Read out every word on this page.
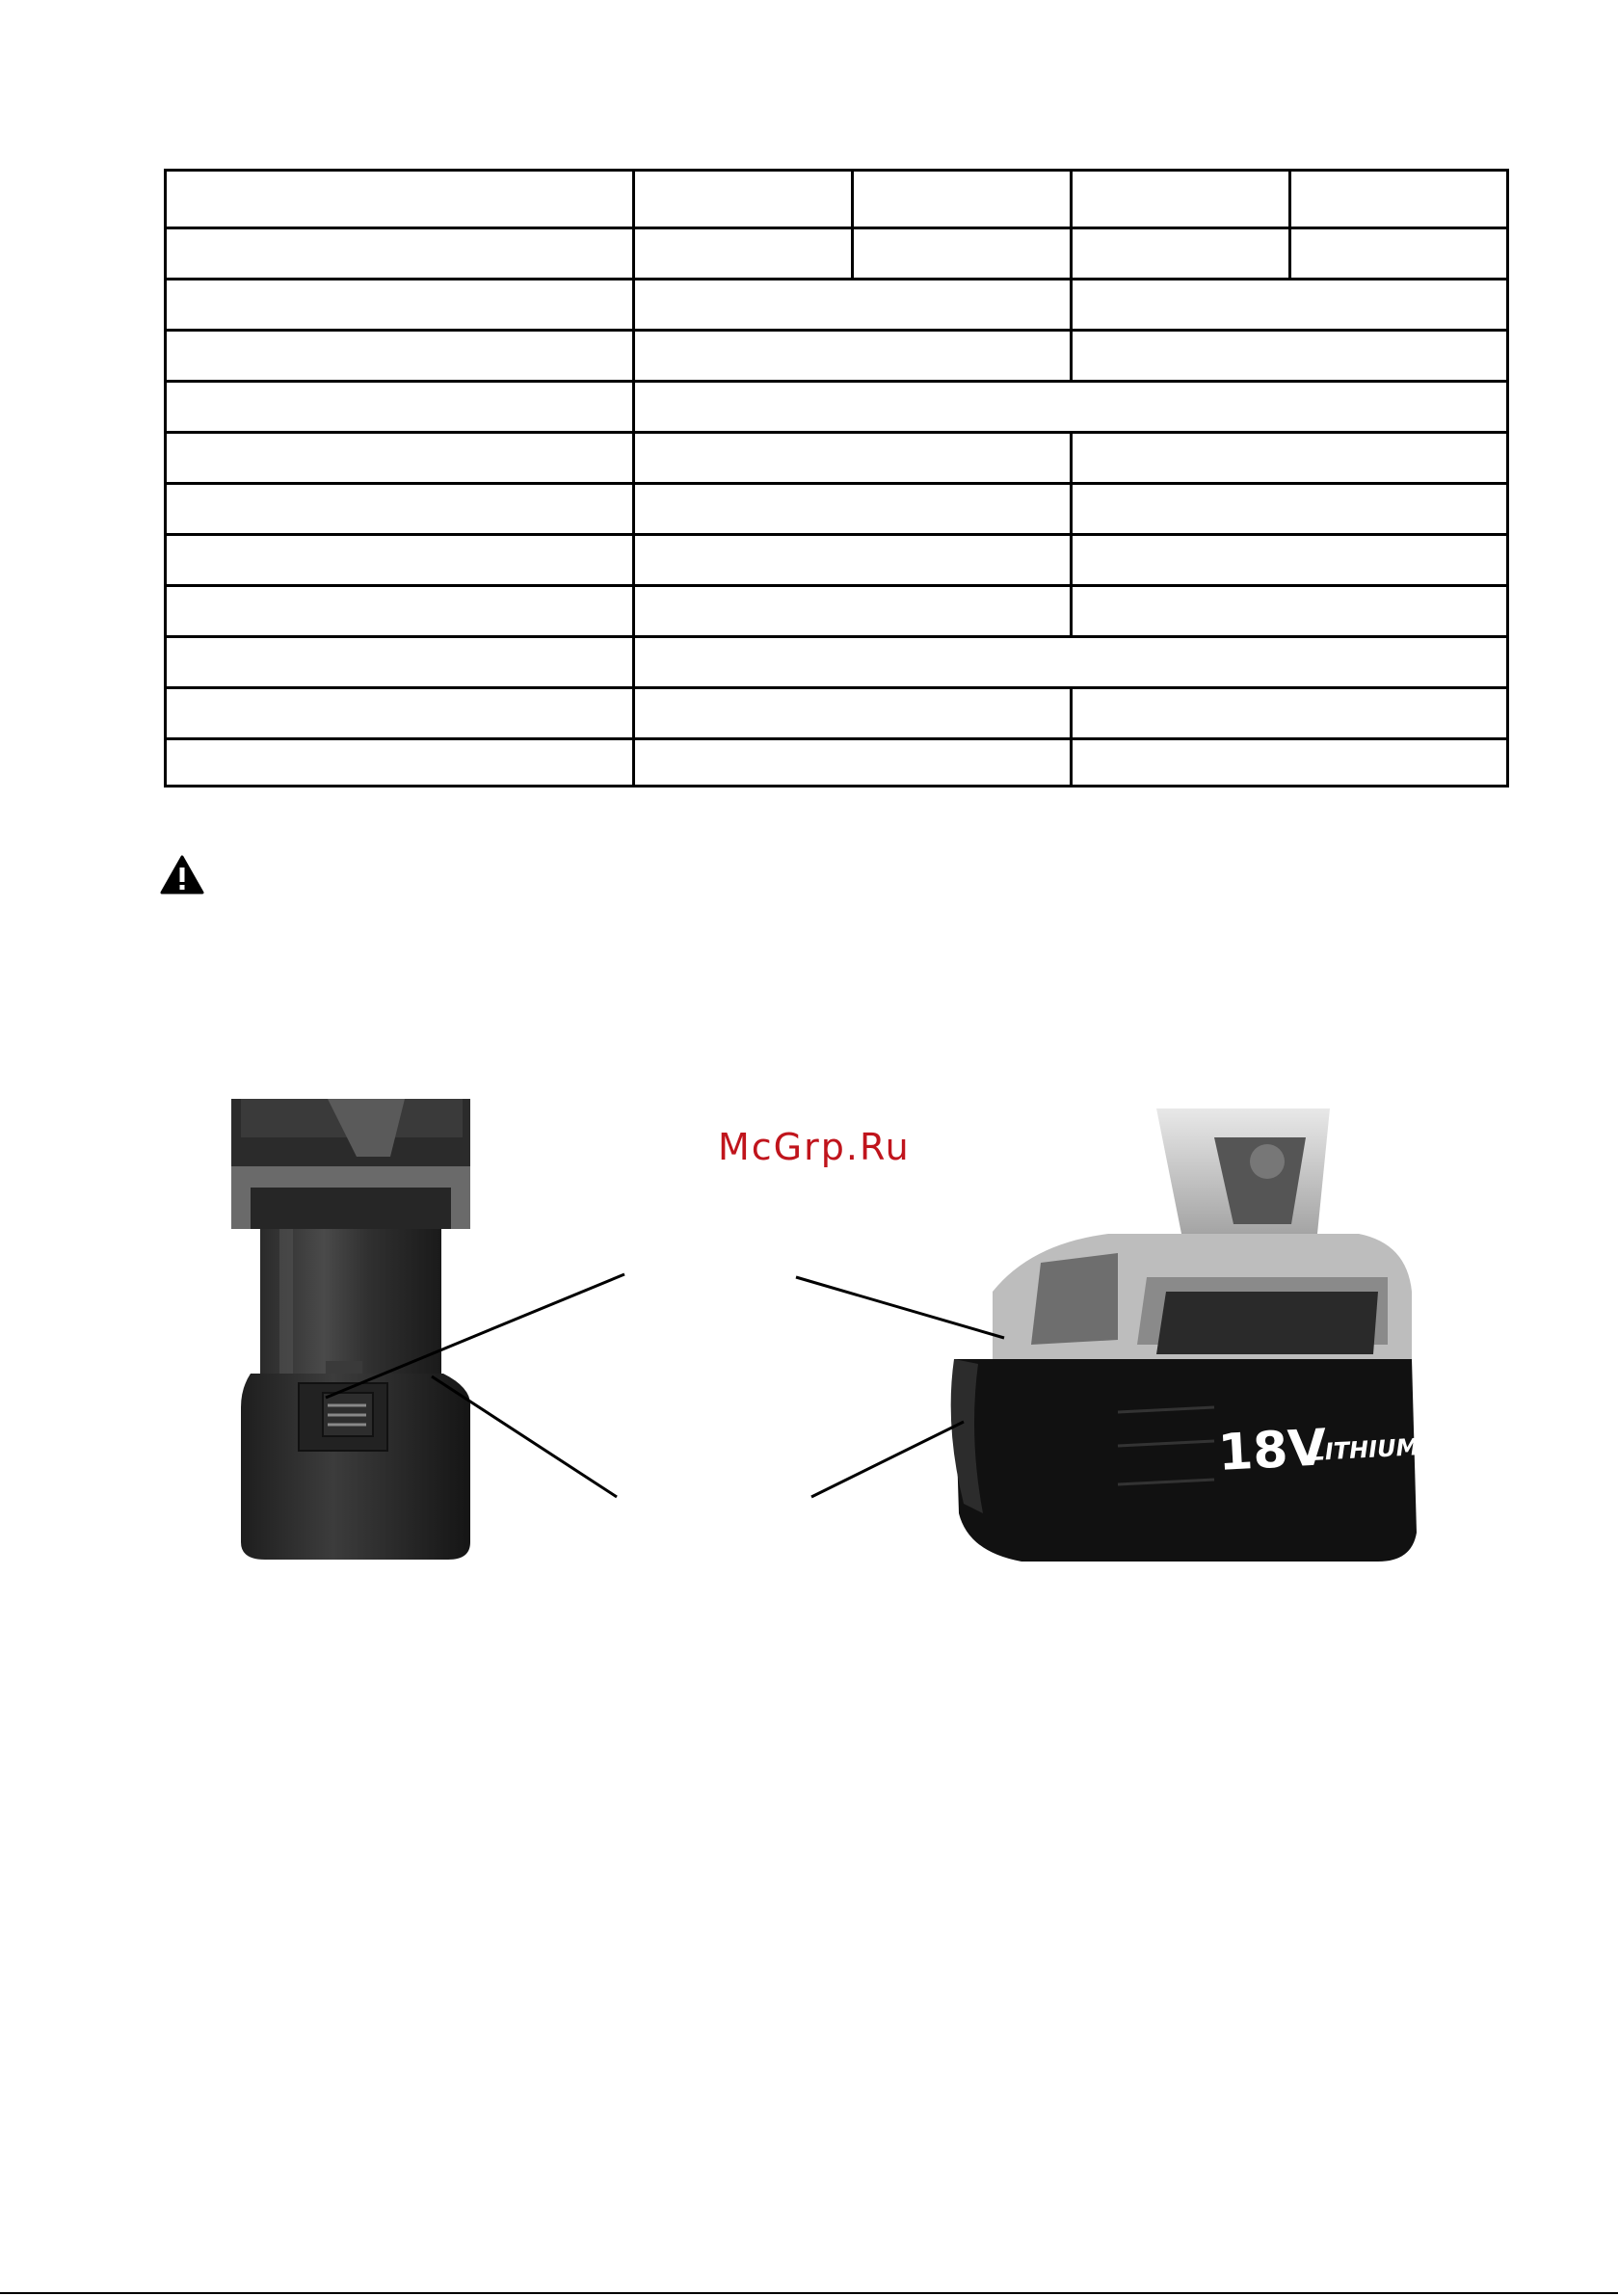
McGrp.Ru
18V
LITHIUM
